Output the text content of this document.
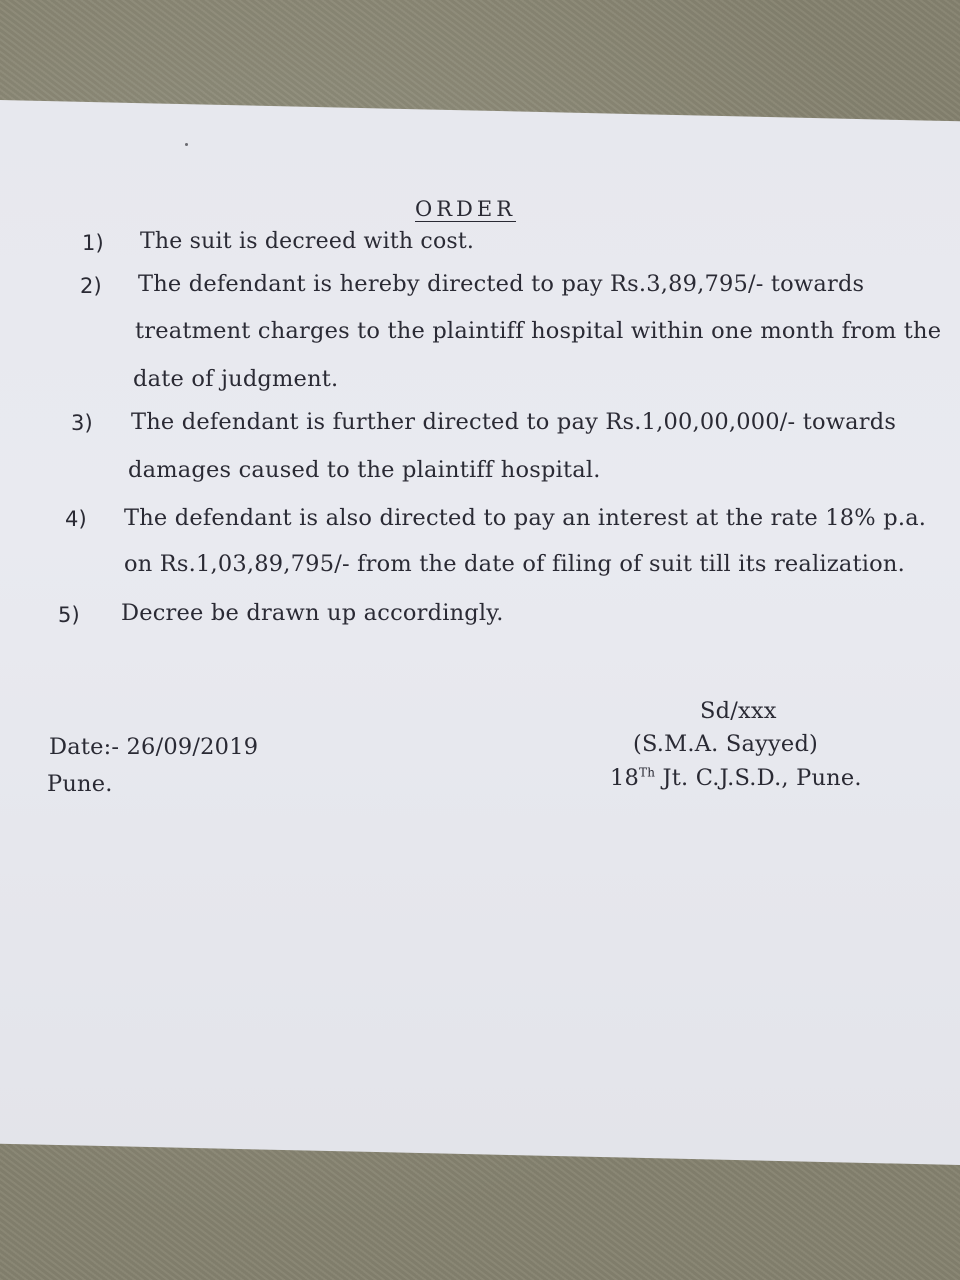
ORDER
1) The suit is decreed with cost.
2) The defendant is hereby directed to pay Rs.3,89,795/- towards
treatment charges to the plaintiff hospital within one month from the
date of judgment.
3) The defendant is further directed to pay Rs.1,00,00,000/- towards
damages caused to the plaintiff hospital.
4) The defendant is also directed to pay an interest at the rate 18% p.a.
on Rs.1,03,89,795/- from the date of filing of suit till its realization.
5) Decree be drawn up accordingly.
Date:- 26/09/2019
Pune.
Sd/xxx
(S.M.A. Sayyed)
18Th Jt. C.J.S.D., Pune.
